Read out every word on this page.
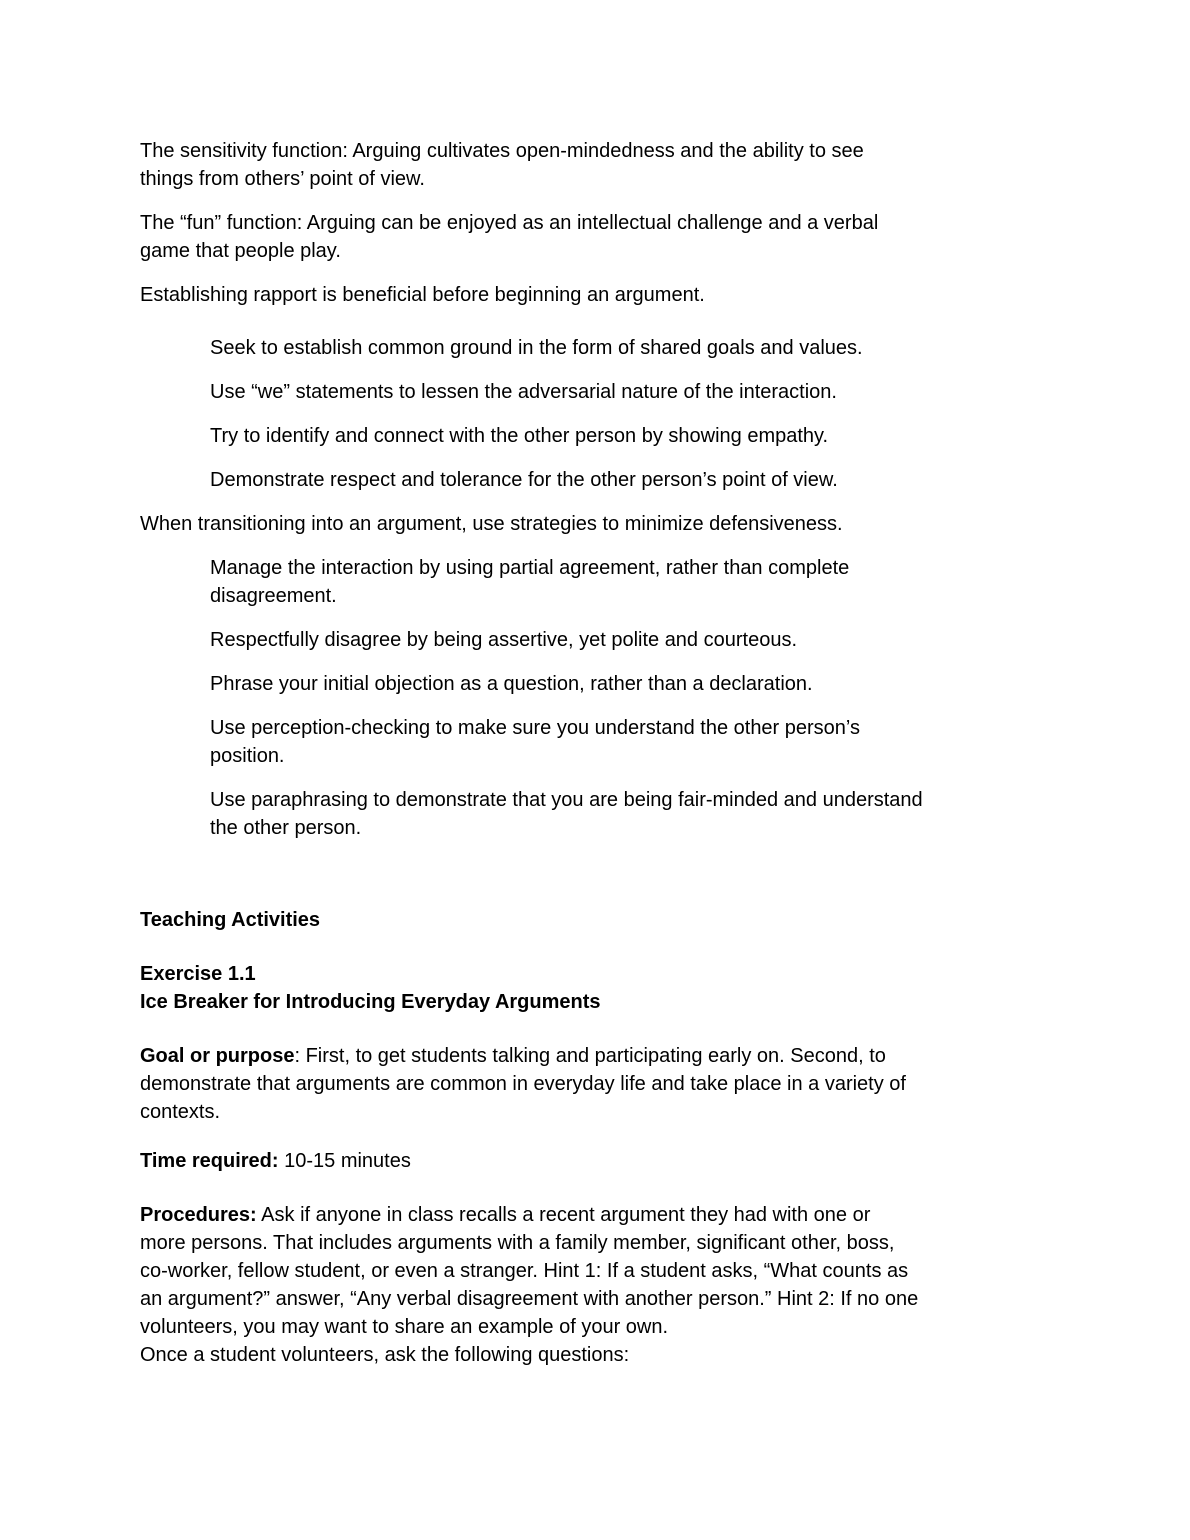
The sensitivity function: Arguing cultivates open-mindedness and the ability to see
things from others’ point of view.

The “fun” function: Arguing can be enjoyed as an intellectual challenge and a verbal
game that people play.

Establishing rapport is beneficial before beginning an argument.

Seek to establish common ground in the form of shared goals and values.

Use “we” statements to lessen the adversarial nature of the interaction.

Try to identify and connect with the other person by showing empathy.

Demonstrate respect and tolerance for the other person’s point of view.

When transitioning into an argument, use strategies to minimize defensiveness.

Manage the interaction by using partial agreement, rather than complete
disagreement.

Respectfully disagree by being assertive, yet polite and courteous.

Phrase your initial objection as a question, rather than a declaration.

Use perception-checking to make sure you understand the other person’s
position.

Use paraphrasing to demonstrate that you are being fair-minded and understand
the other person.

Teaching Activities

Exercise 1.1
Ice Breaker for Introducing Everyday Arguments

Goal or purpose: First, to get students talking and participating early on. Second, to
demonstrate that arguments are common in everyday life and take place in a variety of
contexts.

Time required: 10-15 minutes

Procedures: Ask if anyone in class recalls a recent argument they had with one or
more persons. That includes arguments with a family member, significant other, boss,
co-worker, fellow student, or even a stranger. Hint 1: If a student asks, “What counts as
an argument?” answer, “Any verbal disagreement with another person.” Hint 2: If no one
volunteers, you may want to share an example of your own.

Once a student volunteers, ask the following questions:
